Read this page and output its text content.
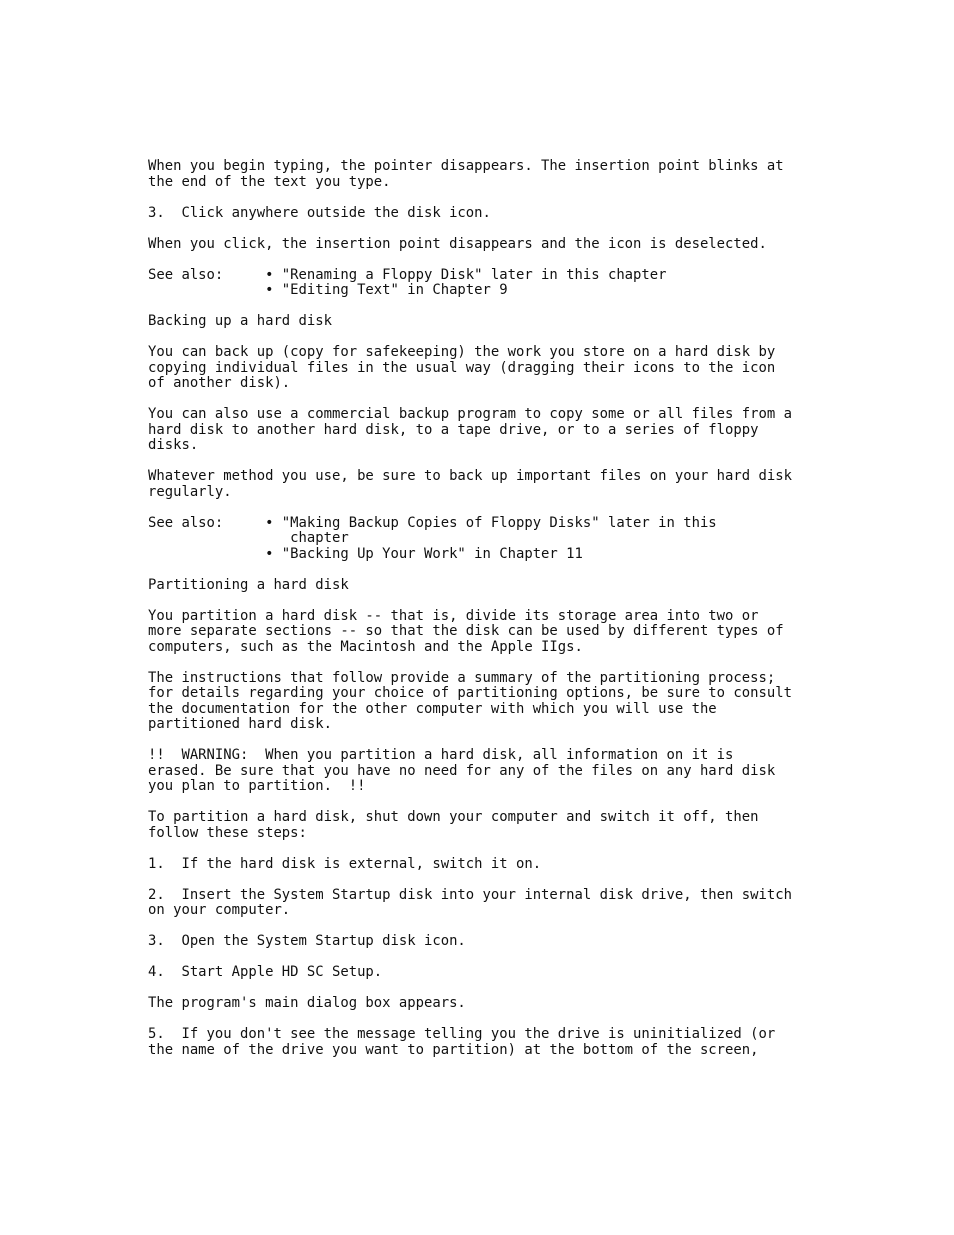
When you begin typing, the pointer disappears. The insertion point blinks at
the end of the text you type.
3.  Click anywhere outside the disk icon.
When you click, the insertion point disappears and the icon is deselected.
See also:     • "Renaming a Floppy Disk" later in this chapter
• "Editing Text" in Chapter 9
Backing up a hard disk
You can back up (copy for safekeeping) the work you store on a hard disk by
copying individual files in the usual way (dragging their icons to the icon
of another disk).
You can also use a commercial backup program to copy some or all files from a
hard disk to another hard disk, to a tape drive, or to a series of floppy
disks.
Whatever method you use, be sure to back up important files on your hard disk
regularly.
See also:     • "Making Backup Copies of Floppy Disks" later in this
chapter
• "Backing Up Your Work" in Chapter 11
Partitioning a hard disk
You partition a hard disk -- that is, divide its storage area into two or
more separate sections -- so that the disk can be used by different types of
computers, such as the Macintosh and the Apple IIgs.
The instructions that follow provide a summary of the partitioning process;
for details regarding your choice of partitioning options, be sure to consult
the documentation for the other computer with which you will use the
partitioned hard disk.
!!  WARNING:  When you partition a hard disk, all information on it is
erased. Be sure that you have no need for any of the files on any hard disk
you plan to partition.  !!
To partition a hard disk, shut down your computer and switch it off, then
follow these steps:
1.  If the hard disk is external, switch it on.
2.  Insert the System Startup disk into your internal disk drive, then switch
on your computer.
3.  Open the System Startup disk icon.
4.  Start Apple HD SC Setup.
The program's main dialog box appears.
5.  If you don't see the message telling you the drive is uninitialized (or
the name of the drive you want to partition) at the bottom of the screen,
